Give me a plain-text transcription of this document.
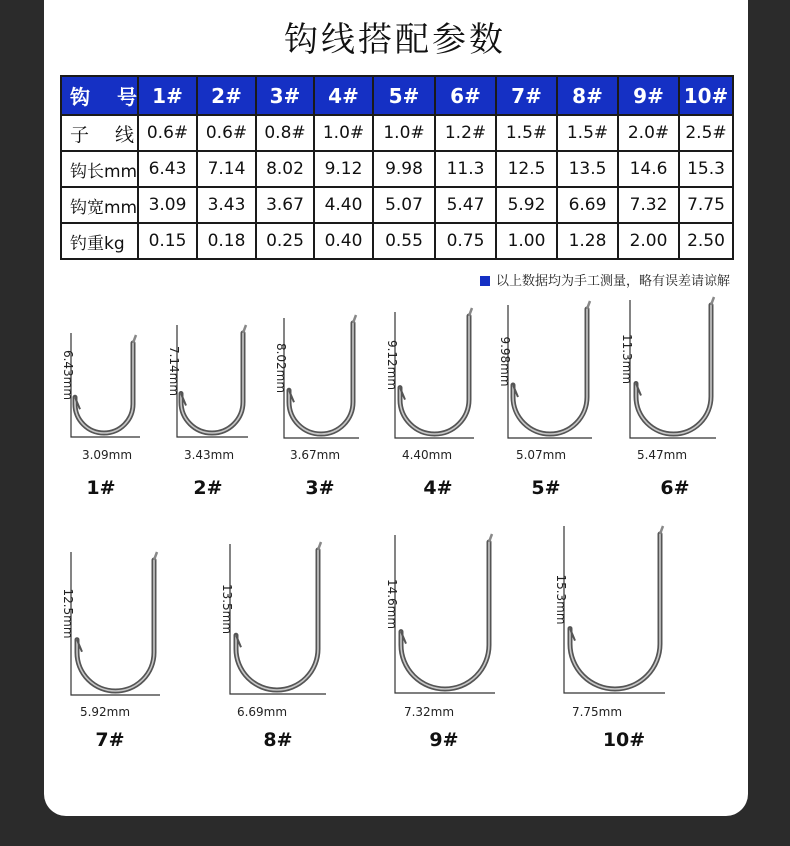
钩线搭配参数
钩 号	1#	2#	3#	4#	5#	6#	7#	8#	9#	10#
子 线	0.6#	0.6#	0.8#	1.0#	1.0#	1.2#	1.5#	1.5#	2.0#	2.5#
钩长mm	6.43	7.14	8.02	9.12	9.98	11.3	12.5	13.5	14.6	15.3
钩宽mm	3.09	3.43	3.67	4.40	5.07	5.47	5.92	6.69	7.32	7.75
钓重kg	0.15	0.18	0.25	0.40	0.55	0.75	1.00	1.28	2.00	2.50
以上数据均为手工测量，略有误差请谅解
6.43mm
3.09mm
1#
7.14mm
3.43mm
2#
8.02mm
3.67mm
3#
9.12mm
4.40mm
4#
9.98mm
5.07mm
5#
11.3mm
5.47mm
6#
12.5mm
5.92mm
7#
13.5mm
6.69mm
8#
14.6mm
7.32mm
9#
15.3mm
7.75mm
10#
